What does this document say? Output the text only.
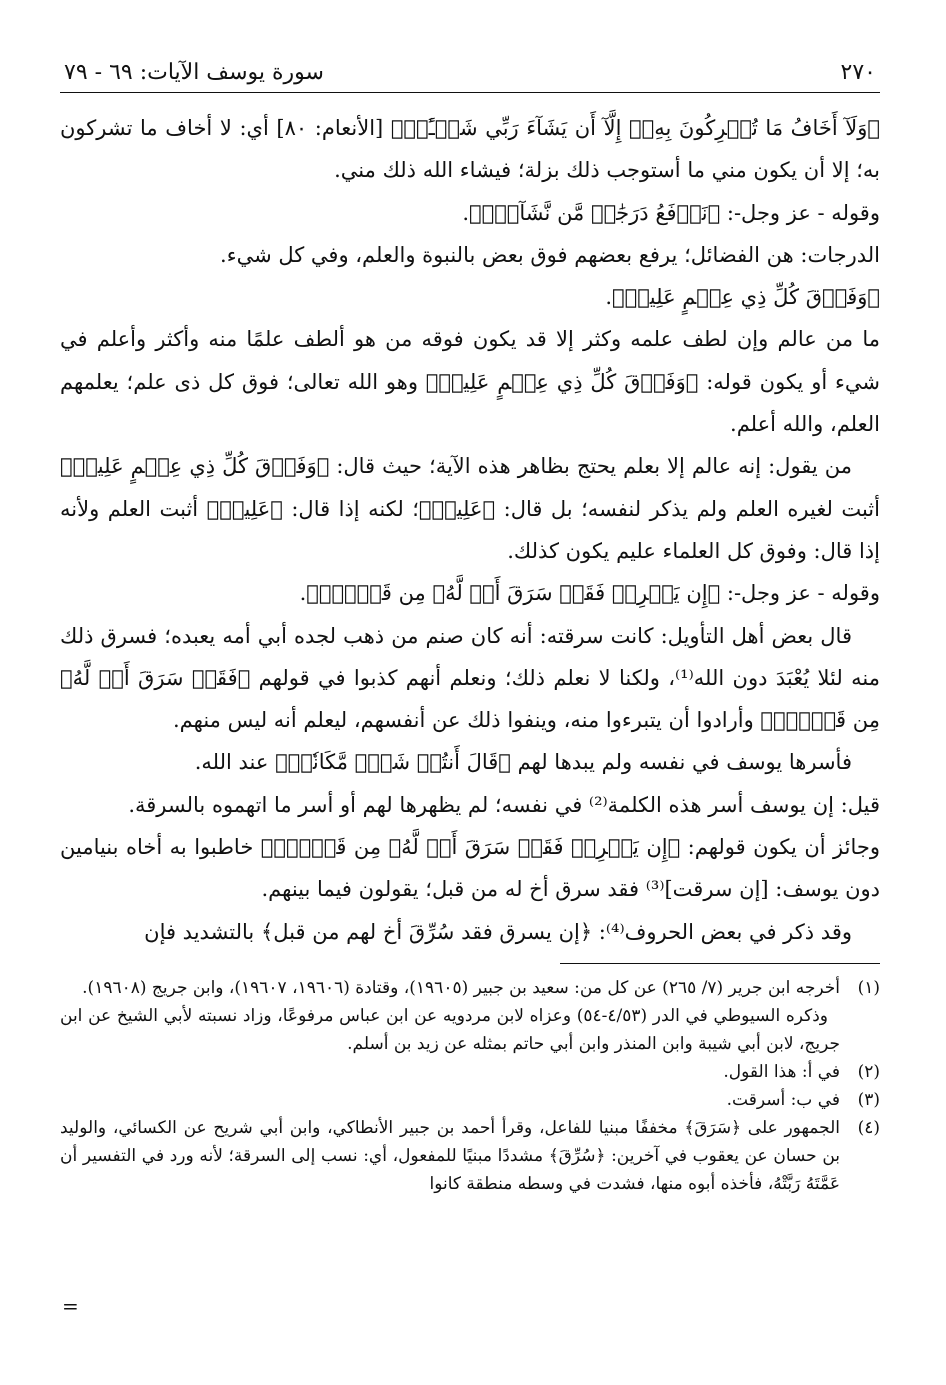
٢٧٠
سورة يوسف الآيات: ٦٩ - ٧٩

﴿وَلَآ أَخَافُ مَا تُشۡرِكُونَ بِهِۦٓ إِلَّآ أَن يَشَآءَ رَبِّي شَيۡـًٔاۗ﴾ [الأنعام: ٨٠] أي: لا أخاف ما تشركون به؛ إلا أن يكون مني ما أستوجب ذلك بزلة؛ فيشاء الله ذلك مني.

وقوله - عز وجل-: ﴿نَرۡفَعُ دَرَجَٰتٖ مَّن نَّشَآءُۗ﴾.

الدرجات: هن الفضائل؛ يرفع بعضهم فوق بعض بالنبوة والعلم، وفي كل شيء.

﴿وَفَوۡقَ كُلِّ ذِي عِلۡمٍ عَلِيمٞ﴾.

ما من عالم وإن لطف علمه وكثر إلا قد يكون فوقه من هو ألطف علمًا منه وأكثر وأعلم في شيء أو يكون قوله: ﴿وَفَوۡقَ كُلِّ ذِي عِلۡمٍ عَلِيمٞ﴾ وهو الله تعالى؛ فوق كل ذى علم؛ يعلمهم العلم، والله أعلم.

من يقول: إنه عالم إلا بعلم يحتج بظاهر هذه الآية؛ حيث قال: ﴿وَفَوۡقَ كُلِّ ذِي عِلۡمٍ عَلِيمٞ﴾ أثبت لغيره العلم ولم يذكر لنفسه؛ بل قال: ﴿عَلِيمٞ﴾؛ لكنه إذا قال: ﴿عَلِيمٞ﴾ أثبت العلم ولأنه إذا قال: وفوق كل العلماء عليم يكون كذلك.

وقوله - عز وجل-: ﴿إِن يَسۡرِقۡ فَقَدۡ سَرَقَ أَخٞ لَّهُۥ مِن قَبۡلُۚ﴾.

قال بعض أهل التأويل: كانت سرقته: أنه كان صنم من ذهب لجده أبي أمه يعبده؛ فسرق ذلك منه لئلا يُعْبَدَ دون الله⁽¹⁾، ولكنا لا نعلم ذلك؛ ونعلم أنهم كذبوا في قولهم ﴿فَقَدۡ سَرَقَ أَخٞ لَّهُۥ مِن قَبۡلُۚ﴾ وأرادوا أن يتبرءوا منه، وينفوا ذلك عن أنفسهم، ليعلم أنه ليس منهم.

فأسرها يوسف في نفسه ولم يبدها لهم ﴿قَالَ أَنتُمۡ شَرّٞ مَّكَانٗاۖ﴾ عند الله.

قيل: إن يوسف أسر هذه الكلمة⁽²⁾ في نفسه؛ لم يظهرها لهم أو أسر ما اتهموه بالسرقة.

وجائز أن يكون قولهم: ﴿إِن يَسۡرِقۡ فَقَدۡ سَرَقَ أَخٞ لَّهُۥ مِن قَبۡلُۚ﴾ خاطبوا به أخاه بنيامين دون يوسف: [إن سرقت]⁽³⁾ فقد سرق أخ له من قبل؛ يقولون فيما بينهم.

وقد ذكر في بعض الحروف⁽⁴⁾: ﴿إن يسرق فقد سُرِّقَ أخ لهم من قبل﴾ بالتشديد فإن

(١)
أخرجه ابن جرير (٧/ ٢٦٥) عن كل من: سعيد بن جبير (١٩٦٠٥)، وقتادة (١٩٦٠٦، ١٩٦٠٧)، وابن جريج (١٩٦٠٨).
وذكره السيوطي في الدر (٤/٥٣-٥٤) وعزاه لابن مردويه عن ابن عباس مرفوعًا، وزاد نسبته لأبي الشيخ عن ابن جريج، لابن أبي شيبة وابن المنذر وابن أبي حاتم بمثله عن زيد بن أسلم.
(٢)
في أ: هذا القول.
(٣)
في ب: أسرقت.
(٤)
الجمهور على ﴿سَرَقَ﴾ مخففًا مبنيا للفاعل، وقرأ أحمد بن جبير الأنطاكي، وابن أبي شريح عن الكسائي، والوليد بن حسان عن يعقوب في آخرين: ﴿سُرِّقَ﴾ مشددًا مبنيًا للمفعول، أي: نسب إلى السرقة؛ لأنه ورد في التفسير أن عَمَّتَهُ رَبَّتْهُ، فأخذه أبوه منها، فشدت في وسطه منطقة كانوا
=
